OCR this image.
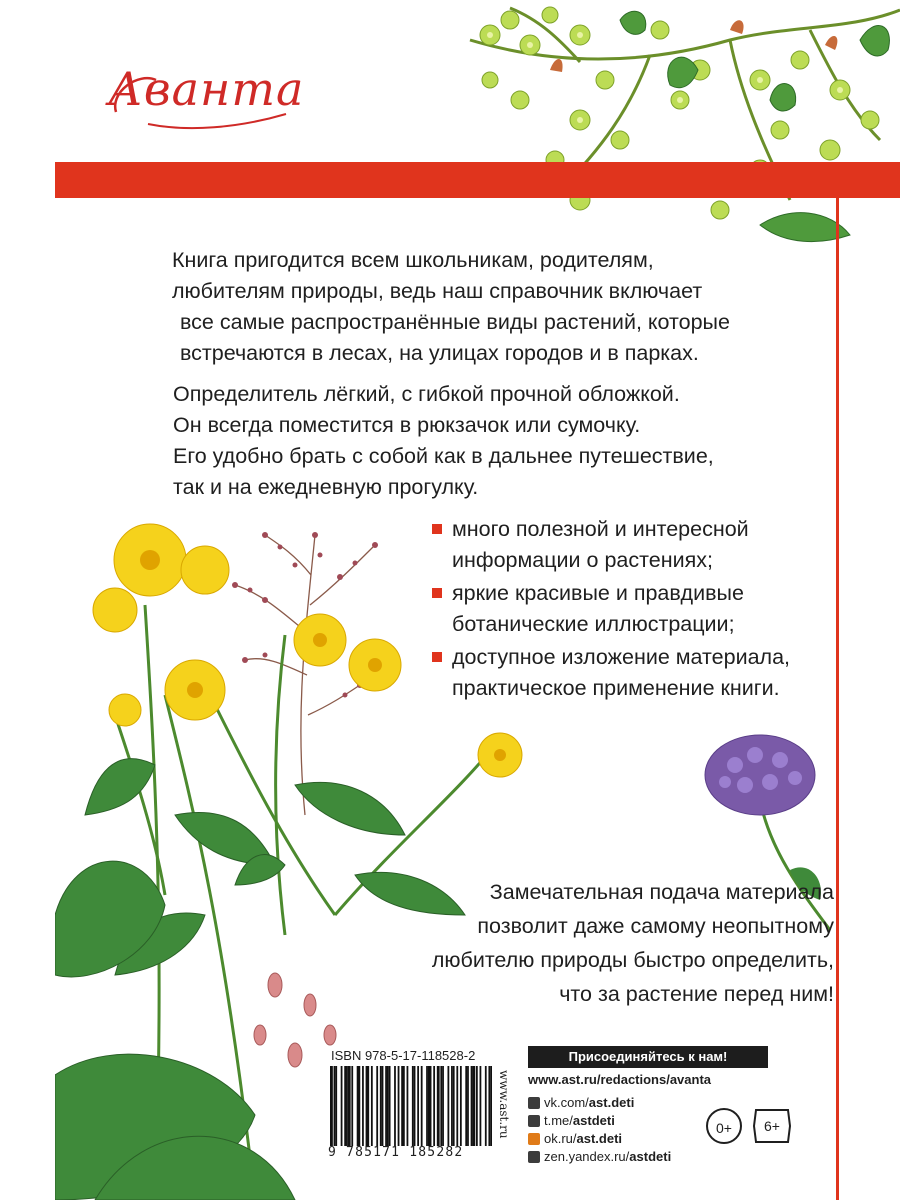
Аванта

Книга пригодится всем школьникам, родителям,
любителям природы, ведь наш справочник включает
все самые распространённые виды растений, которые
встречаются в лесах, на улицах городов и в парках.

Определитель лёгкий, с гибкой прочной обложкой.
Он всегда поместится в рюкзачок или сумочку.
Его удобно брать с собой как в дальнее путешествие,
так и на ежедневную прогулку.

много полезной и интересной
информации о растениях;
яркие красивые и правдивые
ботанические иллюстрации;
доступное изложение материала,
практическое применение книги.

Замечательная подача материала
позволит даже самому неопытному
любителю природы быстро определить,
что за растение перед ним!

ISBN 978-5-17-118528-2
9 785171 185282
www.ast.ru
Присоединяйтесь к нам!
www.ast.ru/redactions/avanta
vk.com/ast.deti
t.me/astdeti
ok.ru/ast.deti
zen.yandex.ru/astdeti
0+	6+
